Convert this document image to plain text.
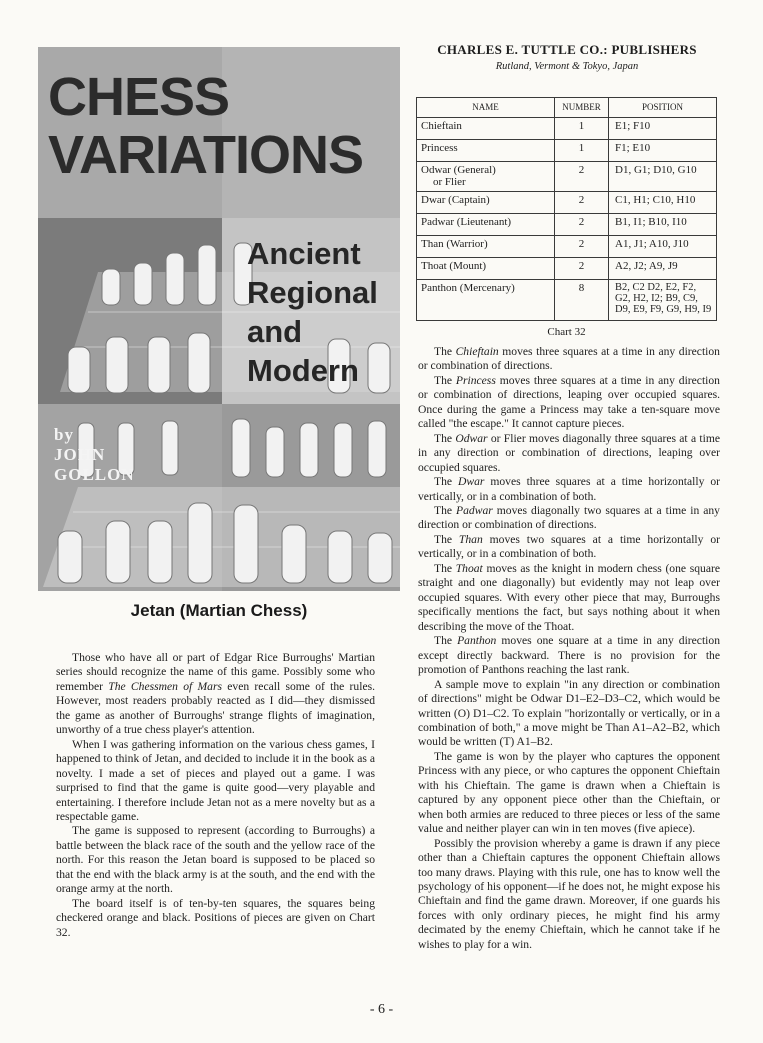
CHESS
VARIATIONS
Ancient
Regional
and
Modern
by
JOHN
GOLLON
Jetan (Martian Chess)

Those who have all or part of Edgar Rice Burroughs' Martian series should recognize the name of this game. Possibly some who remember The Chessmen of Mars even recall some of the rules. However, most readers probably reacted as I did—they dismissed the game as another of Burroughs' strange flights of imagination, unworthy of a true chess player's attention.

When I was gathering information on the various chess games, I happened to think of Jetan, and decided to include it in the book as a novelty. I made a set of pieces and played out a game. I was surprised to find that the game is quite good—very playable and entertaining. I therefore include Jetan not as a mere novelty but as a respectable game.

The game is supposed to represent (according to Burroughs) a battle between the black race of the south and the yellow race of the north. For this reason the Jetan board is supposed to be placed so that the end with the black army is at the south, and the end with the orange army at the north.

The board itself is of ten-by-ten squares, the squares being checkered orange and black. Positions of pieces are given on Chart 32.

CHARLES E. TUTTLE CO.: PUBLISHERS
Rutland, Vermont & Tokyo, Japan
NAME	NUMBER	POSITION
Chieftain	1	E1; F10
Princess	1	F1; E10
Odwar (General)
or Flier	2	D1, G1; D10, G10
Dwar (Captain)	2	C1, H1; C10, H10
Padwar (Lieutenant)	2	B1, I1; B10, I10
Than (Warrior)	2	A1, J1; A10, J10
Thoat (Mount)	2	A2, J2; A9, J9
Panthon (Mercenary)	8	B2, C2 D2, E2, F2, G2, H2, I2; B9, C9, D9, E9, F9, G9, H9, I9
Chart 32

The Chieftain moves three squares at a time in any direction or combination of directions.

The Princess moves three squares at a time in any direction or combination of directions, leaping over occupied squares. Once during the game a Princess may take a ten-square move called "the escape." It cannot capture pieces.

The Odwar or Flier moves diagonally three squares at a time in any direction or combination of directions, leaping over occupied squares.

The Dwar moves three squares at a time horizontally or vertically, or in a combination of both.

The Padwar moves diagonally two squares at a time in any direction or combination of directions.

The Than moves two squares at a time horizontally or vertically, or in a combination of both.

The Thoat moves as the knight in modern chess (one square straight and one diagonally) but evidently may not leap over occupied squares. With every other piece that may, Burroughs specifically mentions the fact, but says nothing about it when describing the move of the Thoat.

The Panthon moves one square at a time in any direction except directly backward. There is no provision for the promotion of Panthons reaching the last rank.

A sample move to explain "in any direction or combination of directions" might be Odwar D1–E2–D3–C2, which would be written (O) D1–C2. To explain "horizontally or vertically, or in a combination of both," a move might be Than A1–A2–B2, which would be written (T) A1–B2.

The game is won by the player who captures the opponent Princess with any piece, or who captures the opponent Chieftain with his Chieftain. The game is drawn when a Chieftain is captured by any opponent piece other than the Chieftain, or when both armies are reduced to three pieces or less of the same value and neither player can win in ten moves (five apiece).

Possibly the provision whereby a game is drawn if any piece other than a Chieftain captures the opponent Chieftain allows too many draws. Playing with this rule, one has to know well the psychology of his opponent—if he does not, he might expose his Chieftain and find the game drawn. Moreover, if one guards his forces with only ordinary pieces, he might find his army decimated by the enemy Chieftain, which he cannot take if he wishes to play for a win.

- 6 -
